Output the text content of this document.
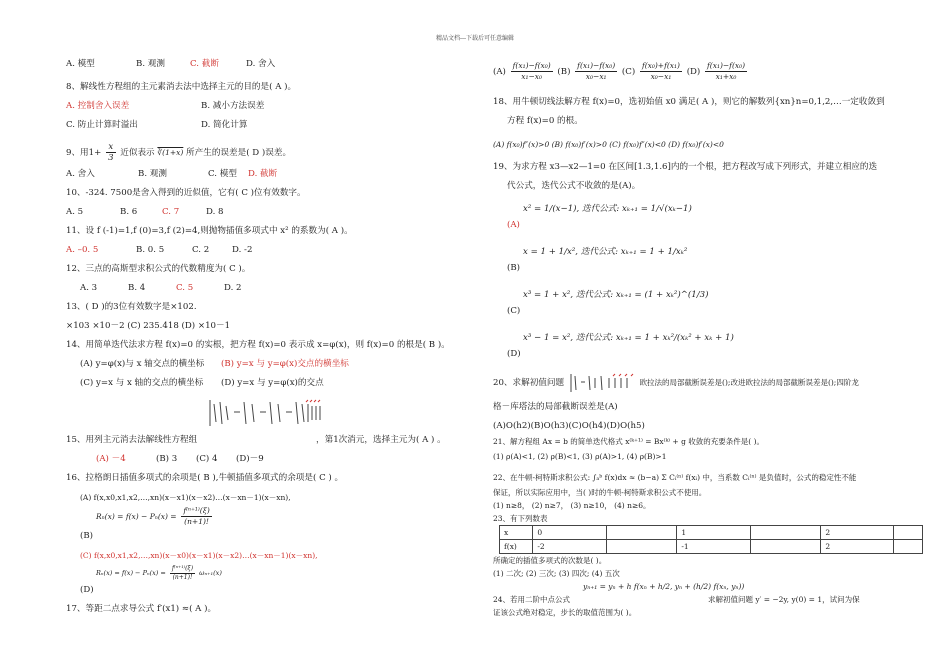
精品文档---下载后可任意编辑
A. 模型	B. 观测	C. 截断	D. 舍入
8、解线性方程组的主元素消去法中选择主元的目的是( A )。
A. 控制舍入误差	B. 减小方法误差
C. 防止计算时溢出	D. 简化计算
9、用$1+ \frac{x}{3}$ 近似表示 ∛(1+x) 所产生的误差是( D )误差。
A. 舍入	B. 观测	C. 模型 D. 截断
10、-324. 7500是舍入得到的近似值，它有( C )位有效数字。
A. 5	B. 6	C. 7	D. 8
11、设 f (-1)=1,f (0)=3,f (2)=4,则抛物插值多项式中 x² 的系数为( A )。
A. –0. 5	B. 0. 5	C. 2	D. -2
12、三点的高斯型求积公式的代数精度为( C )。
A. 3	B. 4	C. 5	D. 2
13、( D )的3位有效数字是×102.
×103 ×10－2 (C) 235.418 (D) ×10－1
14、用简单迭代法求方程 f(x)=0 的实根，把方程 f(x)=0 表示成 x=φ(x)，则 f(x)=0 的根是( B )。
(A) y=φ(x)与 x 轴交点的横坐标 (B) y=x 与 y=φ(x)交点的横坐标
(C) y=x 与 x 轴的交点的横坐标 (D) y=x 与 y=φ(x)的交点
15、用列主元消去法解线性方程组	，第1次消元，选择主元为( A ) 。
(A) －4	(B) 3 (C) 4 (D)－9
16、拉格朗日插值多项式的余项是( B ),牛顿插值多项式的余项是( C ) 。
(A) f(x,x0,x1,x2,…,xn)(x－x1)(x－x2)…(x－xn－1)(x－xn),
$R_n(x) = f(x) - P_n(x) = \frac{\text{f⁽ⁿ⁺¹⁾(ξ)}}{(n+1)!}$
(B)
(C) f(x,x0,x1,x2,…,xn)(x－x0)(x－x1)(x－x2)…(x－xn－1)(x－xn),
$R_n(x) = f(x) - P_n(x) = \frac{\text{f⁽ⁿ⁺¹⁾(ξ)}}{(n+1)!} \omega_{n+1}(x)$
(D)
17、等距二点求导公式 f′(x1) ≈( A )。
$(A) \frac{\text{f(x₁)−f(x₀)}}{\text{x₁−x₀}} (B) \frac{\text{f(x₁)−f(x₀)}}{\text{x₀−x₁}} (C) \frac{\text{f(x₀)+f(x₁)}}{\text{x₀−x₁}} (D) \frac{\text{f(x₁)−f(x₀)}}{\text{x₁+x₀}}$
18、用牛顿切线法解方程 f(x)=0，选初始值 x0 满足( A )，则它的解数列{xn}n=0,1,2,…一定收敛到
方程 f(x)=0 的根。
(A) f(x₀)f″(x)>0 (B) f(x₀)f′(x)>0 (C) f(x₀)f″(x)<0 (D) f(x₀)f′(x)<0
19、为求方程 x3—x2—1=0 在区间[1.3,1.6]内的一个根，把方程改写成下列形式，并建立相应的迭
代公式，迭代公式不收敛的是(A)。
x² = 1/(x−1), 迭代公式: xₖ₊₁ = 1/√(xₖ−1)
(A)
x = 1 + 1/x², 迭代公式: xₖ₊₁ = 1 + 1/xₖ²
(B)
x³ = 1 + x², 迭代公式: xₖ₊₁ = (1 + xₖ²)^(1/3)
(C)
x³ − 1 = x², 迭代公式: xₖ₊₁ = 1 + xₖ²/(xₖ² + xₖ + 1)
(D)
20、求解初值问题	欧拉法的局部截断误差是();改进欧拉法的局部截断误差是();四阶龙
格－库塔法的局部截断误差是(A)
(A)O(h2)(B)O(h3)(C)O(h4)(D)O(h5)
21、解方程组 Ax = b 的简单迭代格式 x⁽ᵏ⁺¹⁾ = Bx⁽ᵏ⁾ + g 收敛的充要条件是( )。
(1) ρ(A)<1, (2) ρ(B)<1, (3) ρ(A)>1, (4) ρ(B)>1
22、在牛顿-柯特斯求积公式: ∫ₐᵇ f(x)dx ≈ (b−a) Σ Cᵢ⁽ⁿ⁾ f(xᵢ) 中，当系数 Cᵢ⁽ⁿ⁾ 是负值时，公式的稳定性不能
保证，所以实际应用中，当( )时的牛顿-柯特斯求积公式不使用。
(1) n≥8， (2) n≥7， (3) n≥10， (4) n≥6。
23、有下列数表
x	0		1		2	
f(x)	-2		-1		2	
所确定的插值多项式的次数是( )。
(1) 二次; (2) 三次; (3) 四次; (4) 五次
yₙ₊₁ = yₙ + h f(xₙ + h/2, yₙ + (h/2) f(xₙ, yₙ))
24、若用二阶中点公式	求解初值问题 y′ = −2y, y(0) = 1，试问为保
证该公式绝对稳定，步长的取值范围为( )。
